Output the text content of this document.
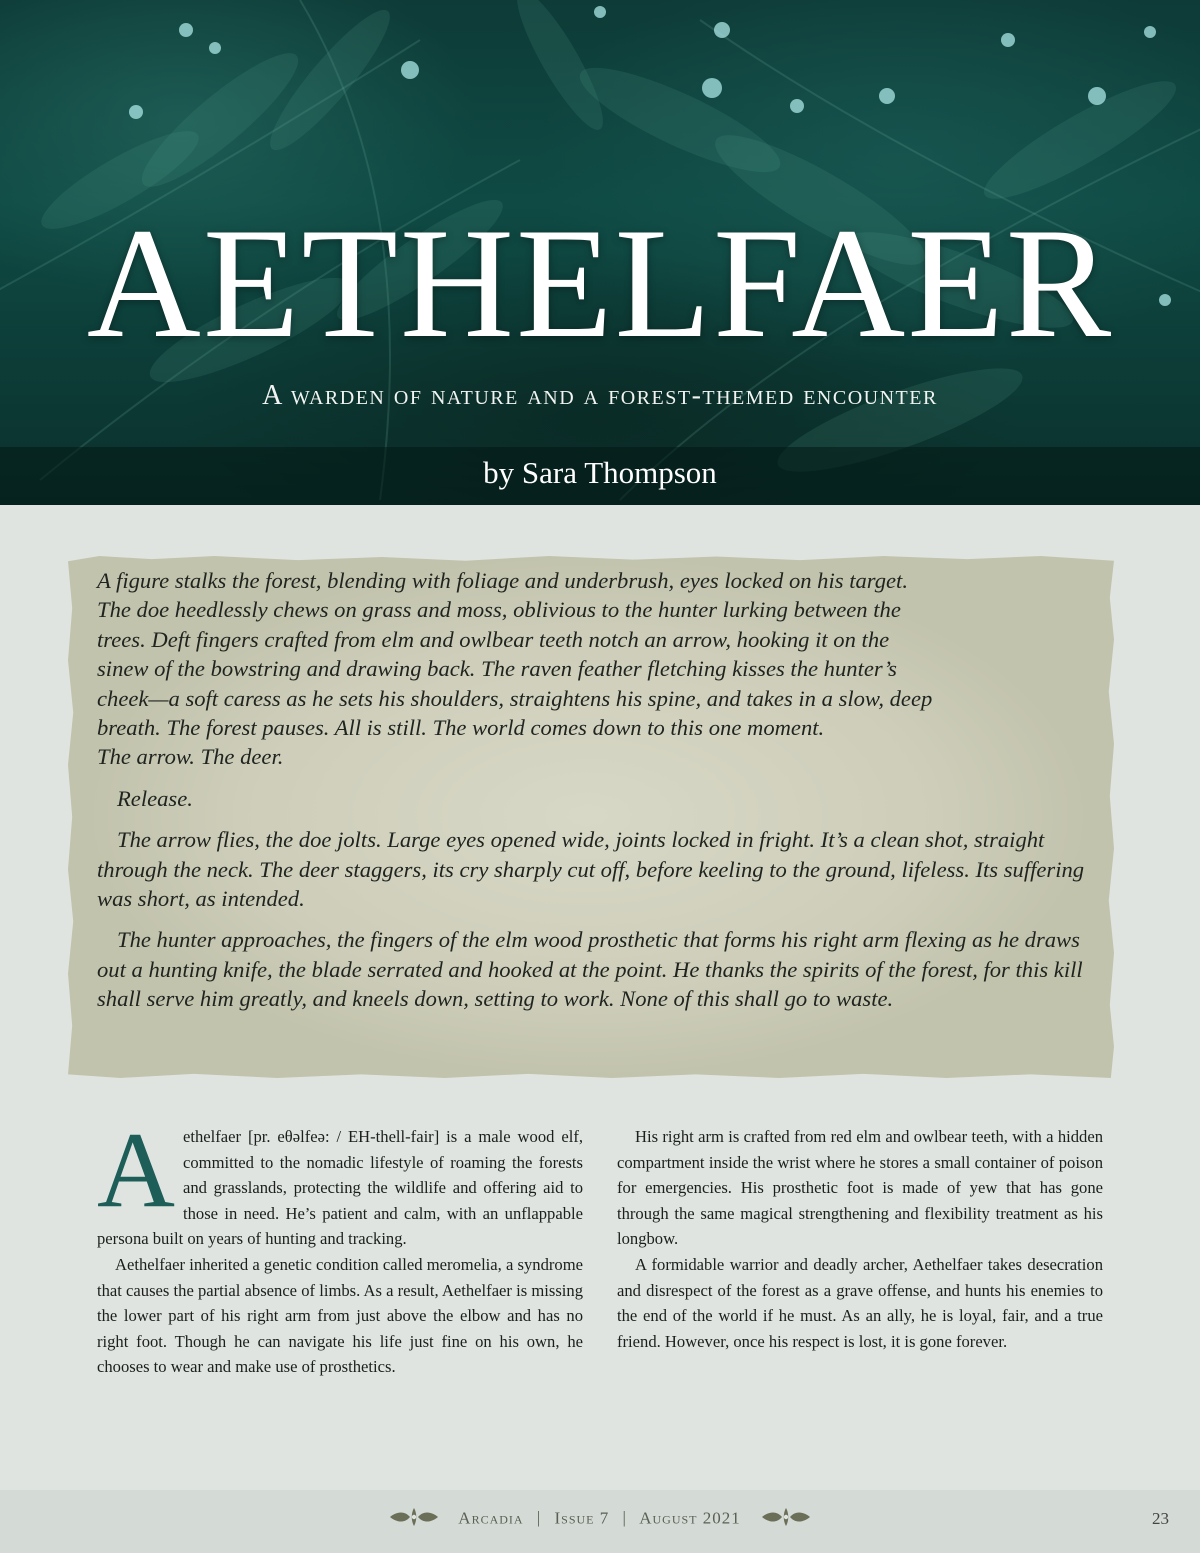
AETHELFAER
A warden of nature and a forest-themed encounter
by Sara Thompson

A figure stalks the forest, blending with foliage and underbrush, eyes locked on his target.
The doe heedlessly chews on grass and moss, oblivious to the hunter lurking between the
trees. Deft fingers crafted from elm and owlbear teeth notch an arrow, hooking it on the
sinew of the bowstring and drawing back. The raven feather fletching kisses the hunter’s
cheek—a soft caress as he sets his shoulders, straightens his spine, and takes in a slow, deep
breath. The forest pauses. All is still. The world comes down to this one moment.
The arrow. The deer.

Release.

The arrow flies, the doe jolts. Large eyes opened wide, joints locked in fright. It’s a clean shot, straight through the neck. The deer staggers, its cry sharply cut off, before keeling to the ground, lifeless. Its suffering was short, as intended.

The hunter approaches, the fingers of the elm wood prosthetic that forms his right arm flexing as he draws out a hunting knife, the blade serrated and hooked at the point. He thanks the spirits of the forest, for this kill shall serve him greatly, and kneels down, setting to work. None of this shall go to waste.

Aethelfaer [pr. eθəlfeə: / EH-thell-fair] is a male wood elf, committed to the nomadic lifestyle of roaming the forests and grasslands, protecting the wildlife and offering aid to those in need. He’s patient and calm, with an unflappable persona built on years of hunting and tracking.

Aethelfaer inherited a genetic condition called meromelia, a syndrome that causes the partial absence of limbs. As a result, Aethelfaer is missing the lower part of his right arm from just above the elbow and has no right foot. Though he can navigate his life just fine on his own, he chooses to wear and make use of prosthetics.

His right arm is crafted from red elm and owlbear teeth, with a hidden compartment inside the wrist where he stores a small container of poison for emergencies. His prosthetic foot is made of yew that has gone through the same magical strengthening and flexibility treatment as his longbow.

A formidable warrior and deadly archer, Aethelfaer takes desecration and disrespect of the forest as a grave offense, and hunts his enemies to the end of the world if he must. As an ally, he is loyal, fair, and a true friend. However, once his respect is lost, it is gone forever.

Arcadia | Issue 7 | August 2021	23
